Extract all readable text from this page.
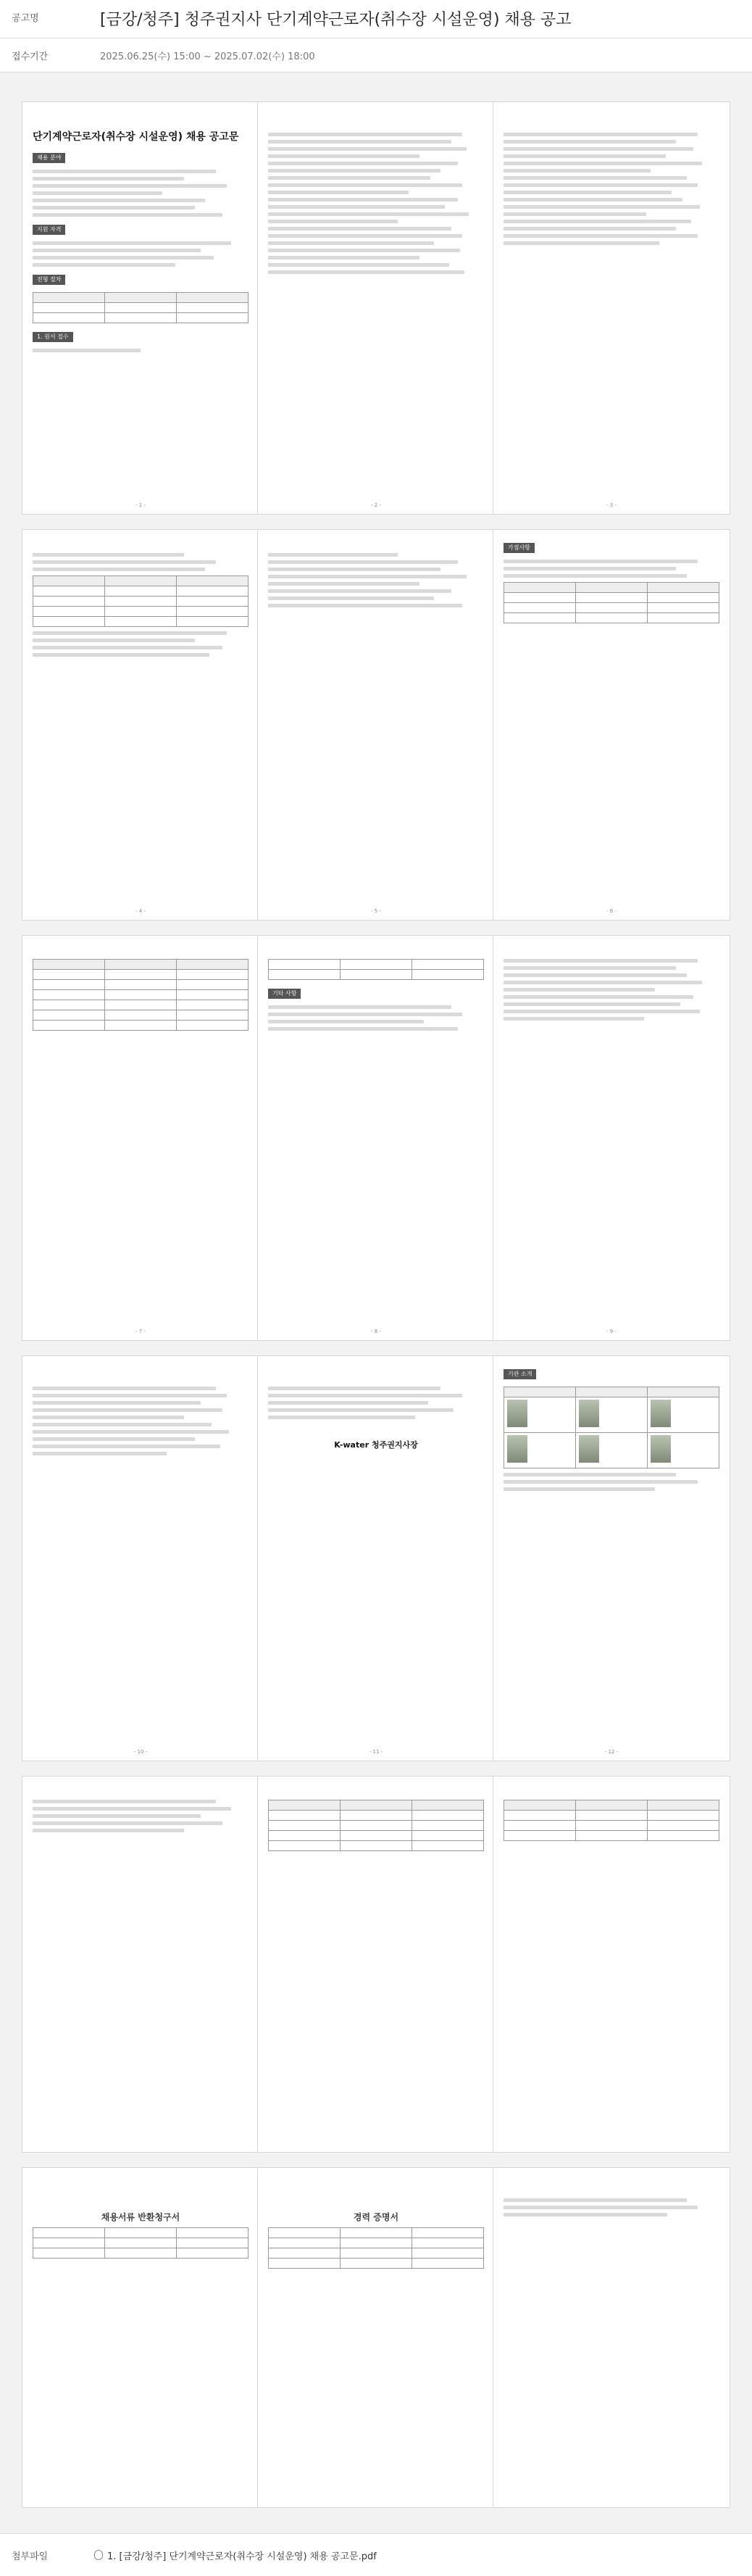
공고명	[금강/청주] 청주권지사 단기계약근로자(취수장 시설운영) 채용 공고
접수기간	2025.06.25(수) 15:00 ~ 2025.07.02(수) 18:00
단기계약근로자(취수장 시설운영) 채용 공고문
채용 분야
지원 자격
전형 절차

1. 원서 접수
- 1 -	- 2 -	- 3 -

- 4 -	- 5 -
가점사항

- 6 -

- 7 -

기타 사항
- 8 -	- 9 -
- 10 -
K-water 청주권지사장
- 11 -
기관 소개

- 12 -

채용서류 반환청구서

			경력 증명서

첨부파일	1. [금강/청주] 단기계약근로자(취수장 시설운영) 채용 공고문.pdf
